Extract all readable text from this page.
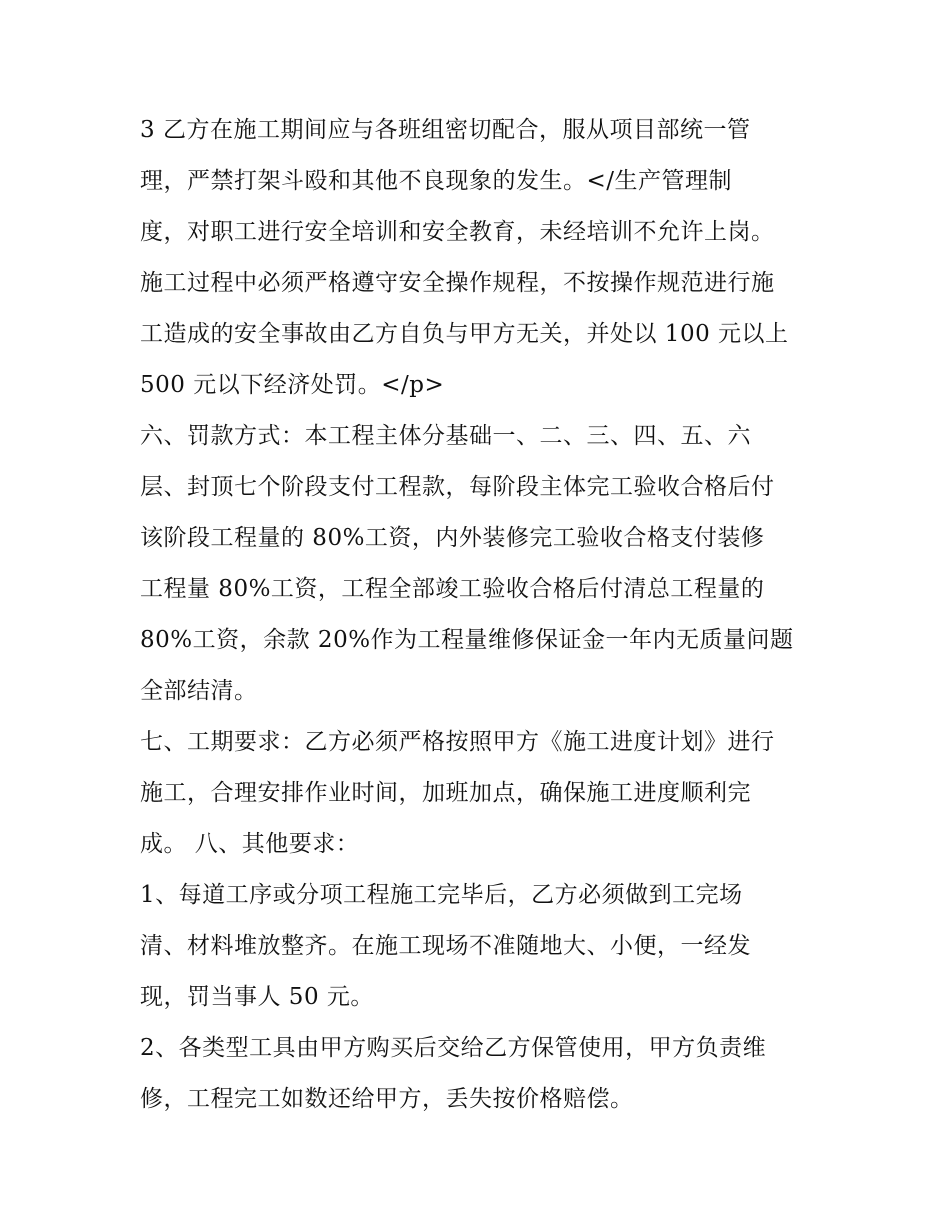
3 乙方在施工期间应与各班组密切配合，服从项目部统一管
理，严禁打架斗殴和其他不良现象的发生。</生产管理制
度，对职工进行安全培训和安全教育，未经培训不允许上岗。
施工过程中必须严格遵守安全操作规程，不按操作规范进行施
工造成的安全事故由乙方自负与甲方无关，并处以 100 元以上
500 元以下经济处罚。</p>
六、罚款方式：本工程主体分基础一、二、三、四、五、六
层、封顶七个阶段支付工程款，每阶段主体完工验收合格后付
该阶段工程量的 80%工资，内外装修完工验收合格支付装修
工程量 80%工资，工程全部竣工验收合格后付清总工程量的
80%工资，余款 20%作为工程量维修保证金一年内无质量问题
全部结清。
七、工期要求：乙方必须严格按照甲方《施工进度计划》进行
施工，合理安排作业时间，加班加点，确保施工进度顺利完
成。 八、其他要求：
1、每道工序或分项工程施工完毕后，乙方必须做到工完场
清、材料堆放整齐。在施工现场不准随地大、小便，一经发
现，罚当事人 50 元。
2、各类型工具由甲方购买后交给乙方保管使用，甲方负责维
修，工程完工如数还给甲方，丢失按价格赔偿。
